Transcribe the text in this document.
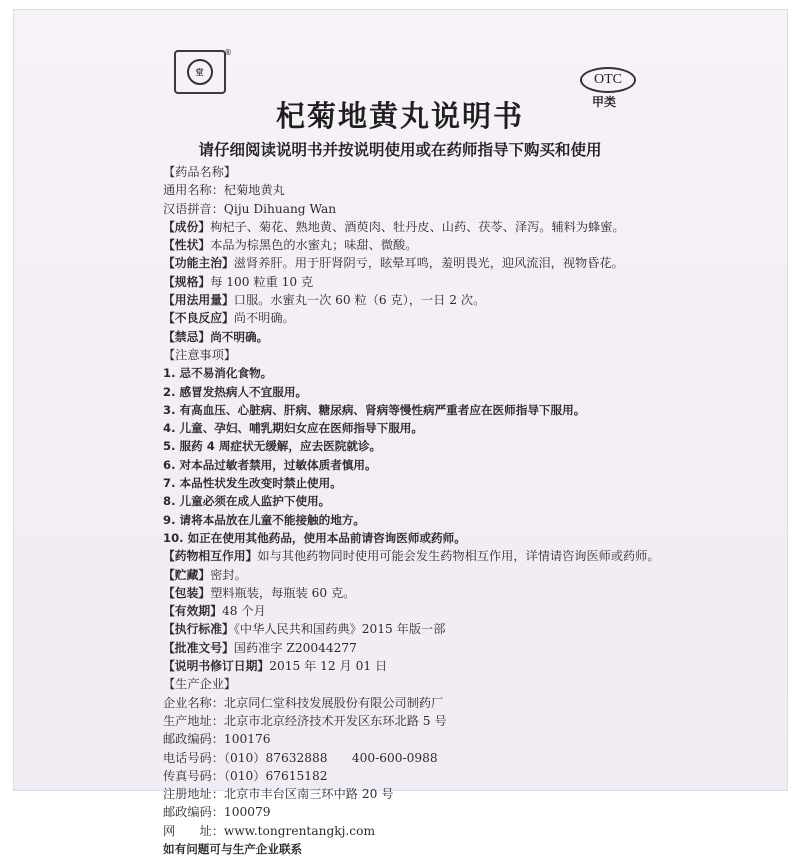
堂
®
OTC
甲类
杞菊地黄丸说明书
请仔细阅读说明书并按说明使用或在药师指导下购买和使用
【药品名称】
通用名称：杞菊地黄丸
汉语拼音：Qiju Dihuang Wan
【成份】枸杞子、菊花、熟地黄、酒萸肉、牡丹皮、山药、茯苓、泽泻。辅料为蜂蜜。
【性状】本品为棕黑色的水蜜丸；味甜、微酸。
【功能主治】滋肾养肝。用于肝肾阴亏，眩晕耳鸣，羞明畏光，迎风流泪，视物昏花。
【规格】每 100 粒重 10 克
【用法用量】口服。水蜜丸一次 60 粒（6 克），一日 2 次。
【不良反应】尚不明确。
【禁忌】尚不明确。
【注意事项】
1. 忌不易消化食物。
2. 感冒发热病人不宜服用。
3. 有高血压、心脏病、肝病、糖尿病、肾病等慢性病严重者应在医师指导下服用。
4. 儿童、孕妇、哺乳期妇女应在医师指导下服用。
5. 服药 4 周症状无缓解，应去医院就诊。
6. 对本品过敏者禁用，过敏体质者慎用。
7. 本品性状发生改变时禁止使用。
8. 儿童必须在成人监护下使用。
9. 请将本品放在儿童不能接触的地方。
10. 如正在使用其他药品，使用本品前请咨询医师或药师。
【药物相互作用】如与其他药物同时使用可能会发生药物相互作用，详情请咨询医师或药师。
【贮藏】密封。
【包装】塑料瓶装，每瓶装 60 克。
【有效期】48 个月
【执行标准】《中华人民共和国药典》2015 年版一部
【批准文号】国药准字 Z20044277
【说明书修订日期】2015 年 12 月 01 日
【生产企业】
企业名称：北京同仁堂科技发展股份有限公司制药厂
生产地址：北京市北京经济技术开发区东环北路 5 号
邮政编码：100176
电话号码：（010）87632888　　400-600-0988
传真号码：（010）67615182
注册地址：北京市丰台区南三环中路 20 号
邮政编码：100079
网　　址：www.tongrentangkj.com
如有问题可与生产企业联系
